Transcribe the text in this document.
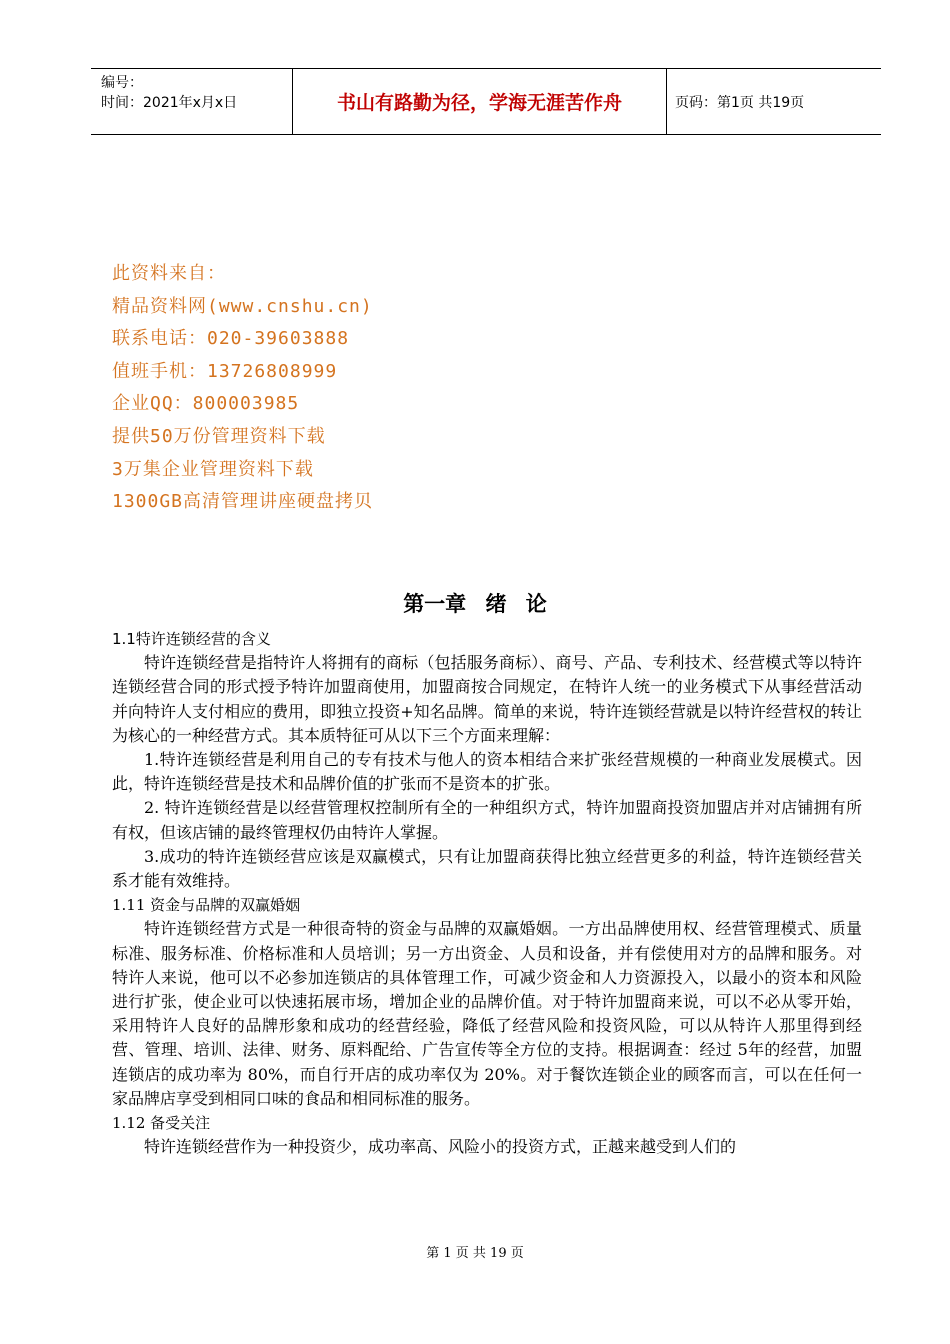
编号：
时间：2021年x月x日	书山有路勤为径，学海无涯苦作舟	页码：第1页 共19页
此资料来自：
精品资料网(www.cnshu.cn)
联系电话：020-39603888
值班手机：13726808999
企业QQ：800003985
提供50万份管理资料下载
3万集企业管理资料下载
1300GB高清管理讲座硬盘拷贝
第一章 绪 论
1.1特许连锁经营的含义
特许连锁经营是指特许人将拥有的商标（包括服务商标）、商号、产品、专利技术、经营模式等以特许连锁经营合同的形式授予特许加盟商使用，加盟商按合同规定，在特许人统一的业务模式下从事经营活动并向特许人支付相应的费用，即独立投资+知名品牌。简单的来说，特许连锁经营就是以特许经营权的转让为核心的一种经营方式。其本质特征可从以下三个方面来理解：
1.特许连锁经营是利用自己的专有技术与他人的资本相结合来扩张经营规模的一种商业发展模式。因此，特许连锁经营是技术和品牌价值的扩张而不是资本的扩张。
2. 特许连锁经营是以经营管理权控制所有全的一种组织方式，特许加盟商投资加盟店并对店铺拥有所有权，但该店铺的最终管理权仍由特许人掌握。
3.成功的特许连锁经营应该是双赢模式，只有让加盟商获得比独立经营更多的利益，特许连锁经营关系才能有效维持。
1.11 资金与品牌的双赢婚姻
特许连锁经营方式是一种很奇特的资金与品牌的双赢婚姻。一方出品牌使用权、经营管理模式、质量标准、服务标准、价格标准和人员培训；另一方出资金、人员和设备，并有偿使用对方的品牌和服务。对特许人来说，他可以不必参加连锁店的具体管理工作，可减少资金和人力资源投入，以最小的资本和风险进行扩张，使企业可以快速拓展市场，增加企业的品牌价值。对于特许加盟商来说，可以不必从零开始，采用特许人良好的品牌形象和成功的经营经验，降低了经营风险和投资风险，可以从特许人那里得到经营、管理、培训、法律、财务、原料配给、广告宣传等全方位的支持。根据调查：经过 5年的经营，加盟连锁店的成功率为 80%，而自行开店的成功率仅为 20%。对于餐饮连锁企业的顾客而言，可以在任何一家品牌店享受到相同口味的食品和相同标准的服务。
1.12 备受关注
特许连锁经营作为一种投资少，成功率高、风险小的投资方式，正越来越受到人们的
第 1 页 共 19 页
